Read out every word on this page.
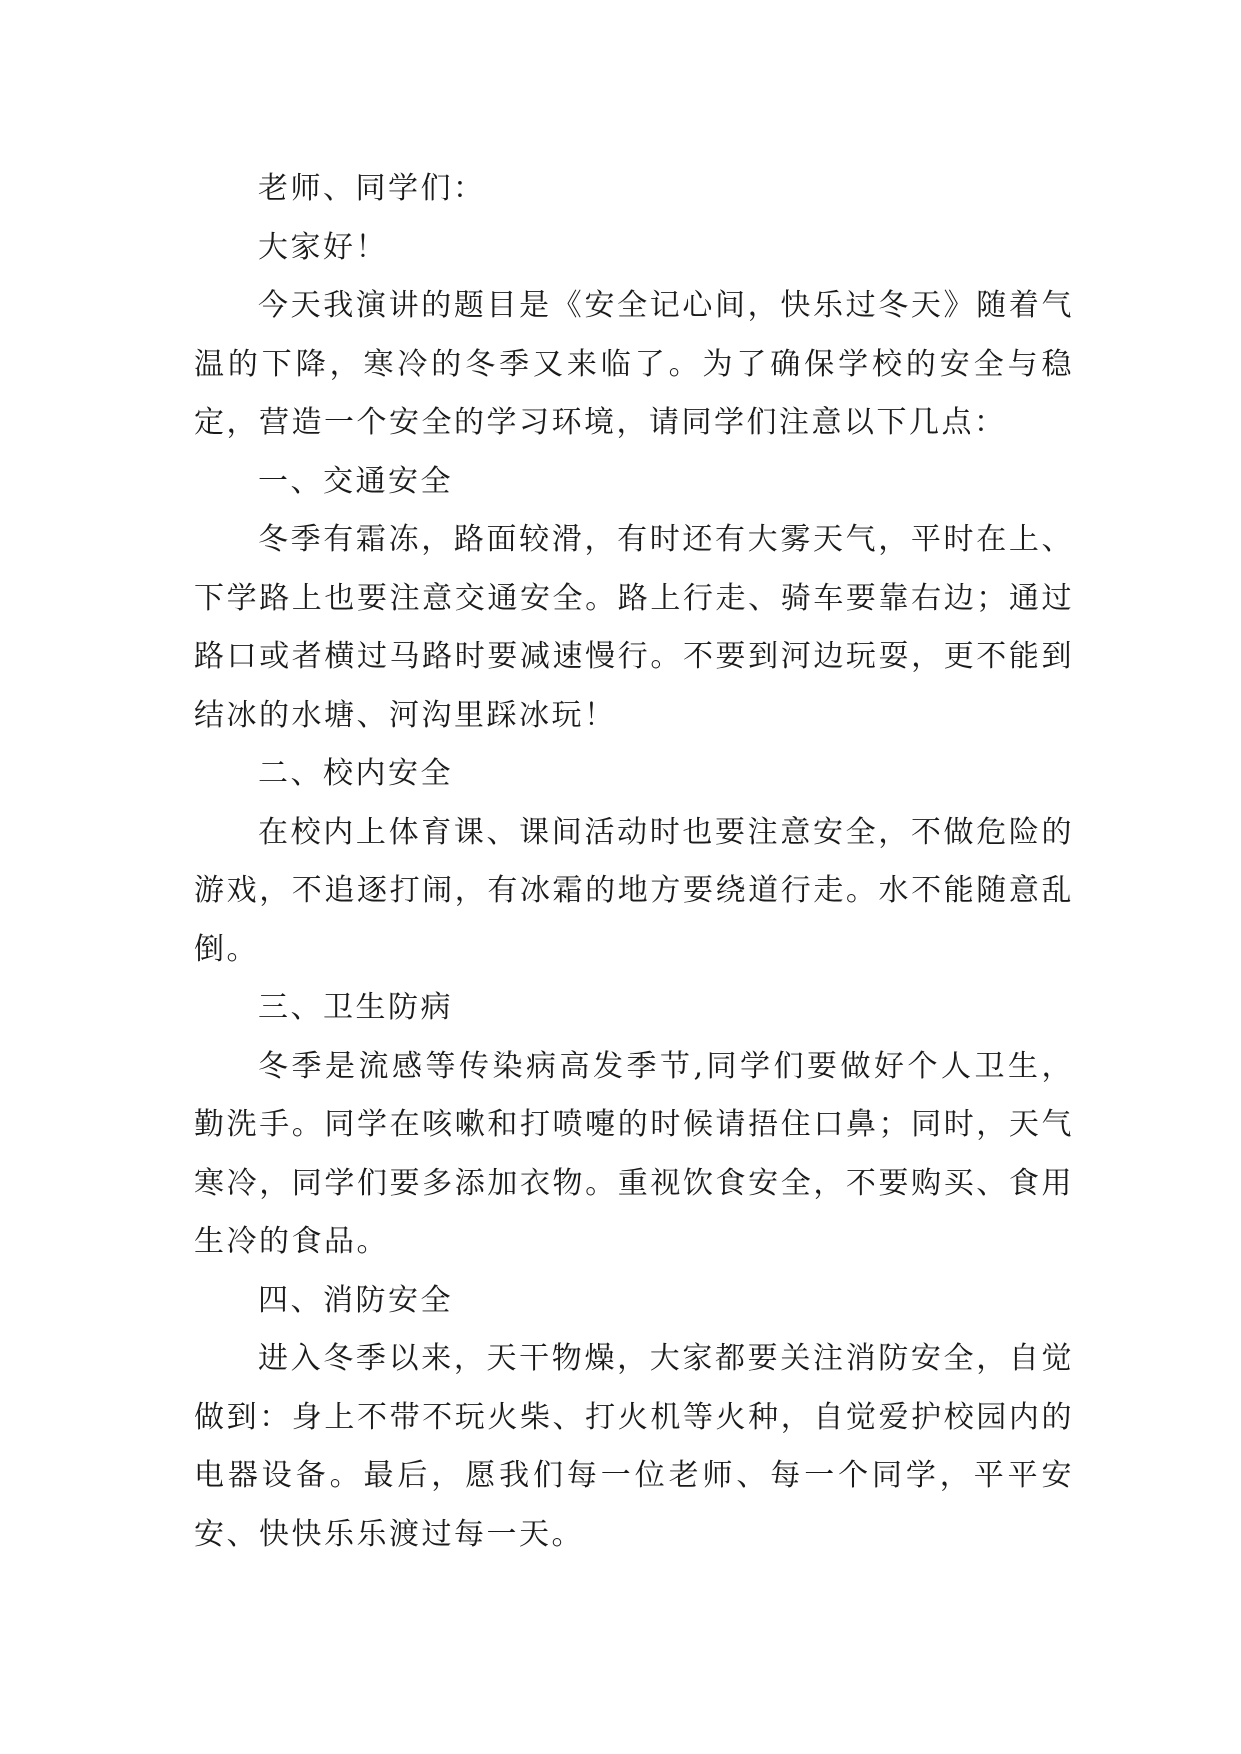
老师、同学们：

大家好！

今天我演讲的题目是《安全记心间，快乐过冬天》随着气温的下降，寒冷的冬季又来临了。为了确保学校的安全与稳定，营造一个安全的学习环境，请同学们注意以下几点：

一、交通安全

冬季有霜冻，路面较滑，有时还有大雾天气，平时在上、下学路上也要注意交通安全。路上行走、骑车要靠右边；通过路口或者横过马路时要减速慢行。不要到河边玩耍，更不能到结冰的水塘、河沟里踩冰玩！

二、校内安全

在校内上体育课、课间活动时也要注意安全，不做危险的游戏，不追逐打闹，有冰霜的地方要绕道行走。水不能随意乱倒。

三、卫生防病

冬季是流感等传染病高发季节,同学们要做好个人卫生，勤洗手。同学在咳嗽和打喷嚏的时候请捂住口鼻；同时，天气寒冷，同学们要多添加衣物。重视饮食安全，不要购买、食用生冷的食品。

四、消防安全

进入冬季以来，天干物燥，大家都要关注消防安全，自觉做到：身上不带不玩火柴、打火机等火种，自觉爱护校园内的电器设备。最后，愿我们每一位老师、每一个同学，平平安安、快快乐乐渡过每一天。
